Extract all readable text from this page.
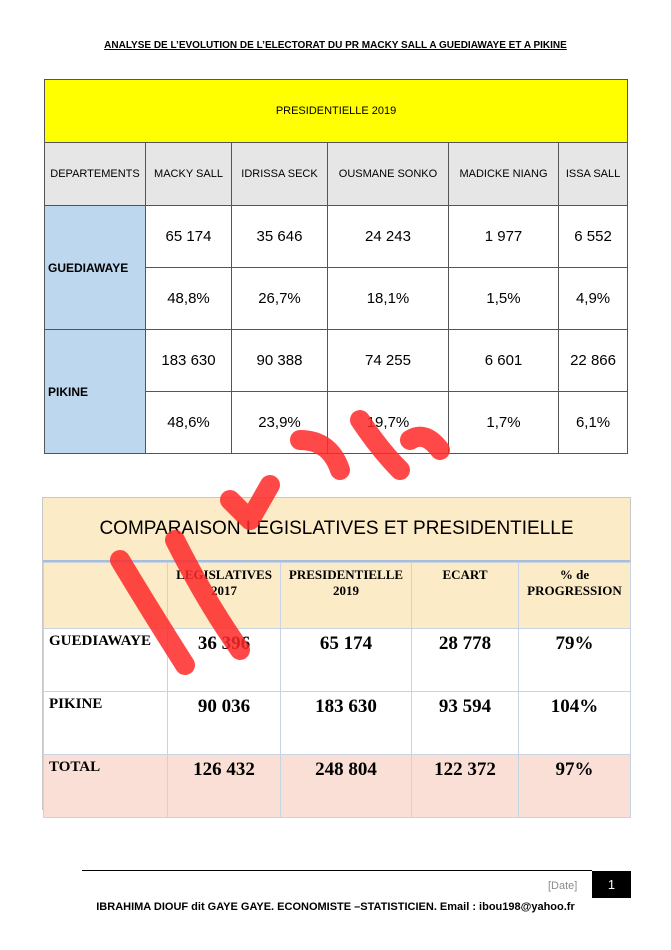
ANALYSE DE L’EVOLUTION DE L’ELECTORAT DU PR MACKY SALL A GUEDIAWAYE ET A PIKINE
PRESIDENTIELLE 2019					
DEPARTEMENTS	MACKY SALL	IDRISSA SECK	OUSMANE SONKO	MADICKE NIANG	ISSA SALL
GUEDIAWAYE	65 174	35 646	24 243	1 977	6 552
	48,8%	26,7%	18,1%	1,5%	4,9%
PIKINE	183 630	90 388	74 255	6 601	22 866
	48,6%	23,9%	19,7%	1,7%	6,1%
COMPARAISON LEGISLATIVES ET PRESIDENTIELLE
	LEGISLATIVES 2017	PRESIDENTIELLE 2019	ECART	% de PROGRESSION
GUEDIAWAYE	36 396	65 174	28 778	79%
PIKINE	90 036	183 630	93 594	104%
TOTAL	126 432	248 804	122 372	97%
[Date]	1
IBRAHIMA DIOUF dit GAYE GAYE. ECONOMISTE –STATISTICIEN. Email : ibou198@yahoo.fr
